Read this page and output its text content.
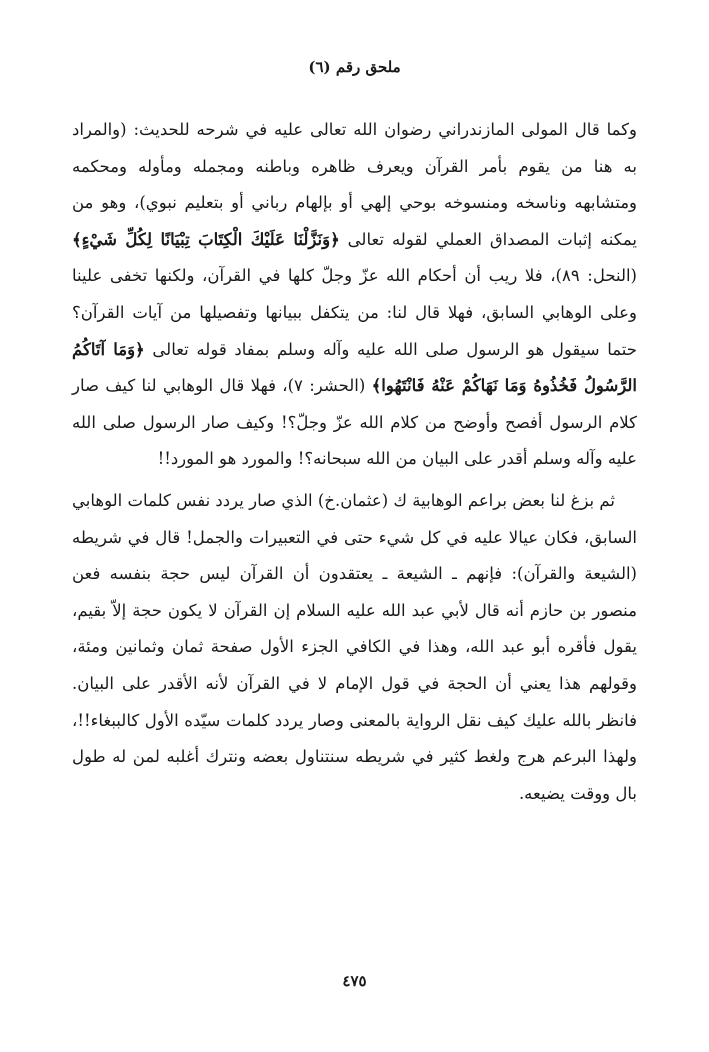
ملحق رقم (٦)

وكما قال المولى المازندراني رضوان الله تعالى عليه في شرحه للحديث: (والمراد به هنا من يقوم بأمر القرآن ويعرف ظاهره وباطنه ومجمله ومأوله ومحكمه ومتشابهه وناسخه ومنسوخه بوحي إلهي أو بإلهام رباني أو بتعليم نبوي)، وهو من يمكنه إثبات المصداق العملي لقوله تعالى ﴿وَنَزَّلْنَا عَلَيْكَ الْكِتَابَ تِبْيَانًا لِكُلِّ شَيْءٍ﴾ (النحل: ٨٩)، فلا ريب أن أحكام الله عزّ وجلّ كلها في القرآن، ولكنها تخفى علينا وعلى الوهابي السابق، فهلا قال لنا: من يتكفل ببيانها وتفصيلها من آيات القرآن؟ حتما سيقول هو الرسول صلى الله عليه وآله وسلم بمفاد قوله تعالى ﴿وَمَا آتَاكُمُ الرَّسُولُ فَخُذُوهُ وَمَا نَهَاكُمْ عَنْهُ فَانْتَهُوا﴾ (الحشر: ٧)، فهلا قال الوهابي لنا كيف صار كلام الرسول أفصح وأوضح من كلام الله عزّ وجلّ؟! وكيف صار الرسول صلى الله عليه وآله وسلم أقدر على البيان من الله سبحانه؟! والمورد هو المورد!!

ثم بزغ لنا بعض براعم الوهابية ك (عثمان.خ) الذي صار يردد نفس كلمات الوهابي السابق، فكان عيالا عليه في كل شيء حتى في التعبيرات والجمل! قال في شريطه (الشيعة والقرآن): فإنهم ـ الشيعة ـ يعتقدون أن القرآن ليس حجة بنفسه فعن منصور بن حازم أنه قال لأبي عبد الله عليه السلام إن القرآن لا يكون حجة إلاّ بقيم، يقول فأقره أبو عبد الله، وهذا في الكافي الجزء الأول صفحة ثمان وثمانين ومئة، وقولهم هذا يعني أن الحجة في قول الإمام لا في القرآن لأنه الأقدر على البيان. فانظر بالله عليك كيف نقل الرواية بالمعنى وصار يردد كلمات سيّده الأول كالببغاء!!، ولهذا البرعم هرج ولغط كثير في شريطه سنتناول بعضه ونترك أغلبه لمن له طول بال ووقت يضيعه.

٤٧٥
